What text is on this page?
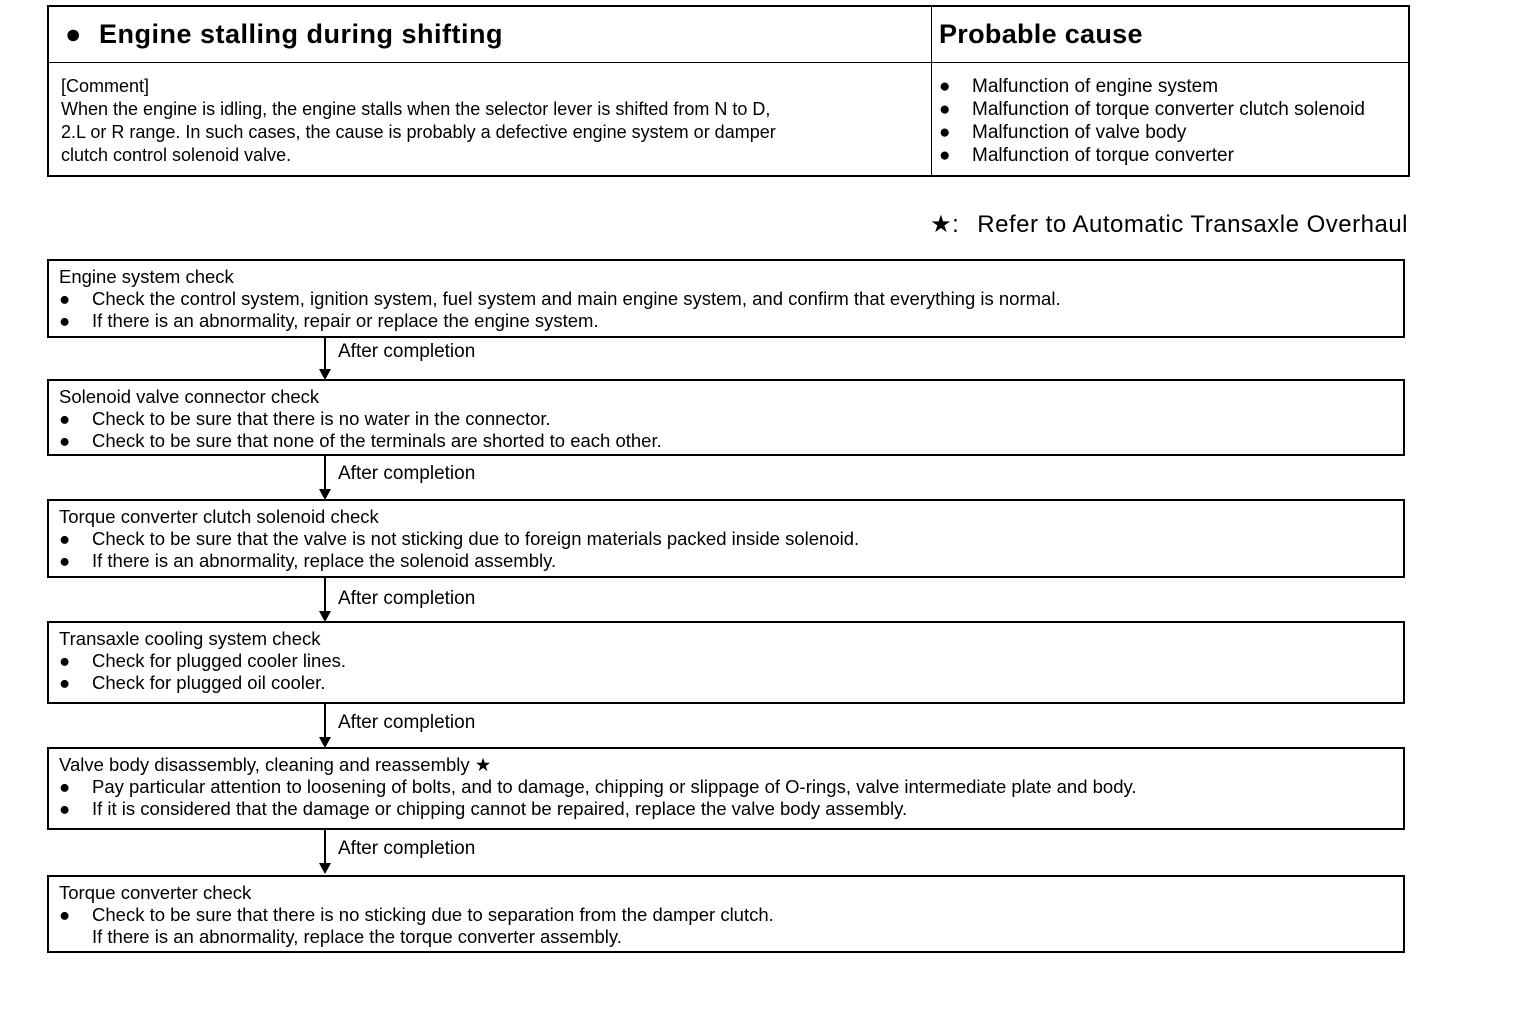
● Engine stalling during shifting	Probable cause
[Comment]
When the engine is idling, the engine stalls when the selector lever is shifted from N to D,
2.L or R range. In such cases, the cause is probably a defective engine system or damper
clutch control solenoid valve.
●	Malfunction of engine system
●	Malfunction of torque converter clutch solenoid
●	Malfunction of valve body
●	Malfunction of torque converter
★: Refer to Automatic Transaxle Overhaul
Engine system check
●	Check the control system, ignition system, fuel system and main engine system, and confirm that everything is normal.
●	If there is an abnormality, repair or replace the engine system.
After completion
Solenoid valve connector check
●	Check to be sure that there is no water in the connector.
●	Check to be sure that none of the terminals are shorted to each other.
After completion
Torque converter clutch solenoid check
●	Check to be sure that the valve is not sticking due to foreign materials packed inside solenoid.
●	If there is an abnormality, replace the solenoid assembly.
After completion
Transaxle cooling system check
●	Check for plugged cooler lines.
●	Check for plugged oil cooler.
After completion
Valve body disassembly, cleaning and reassembly ★
●	Pay particular attention to loosening of bolts, and to damage, chipping or slippage of O-rings, valve intermediate plate and body.
●	If it is considered that the damage or chipping cannot be repaired, replace the valve body assembly.
After completion
Torque converter check
●	Check to be sure that there is no sticking due to separation from the damper clutch.
If there is an abnormality, replace the torque converter assembly.
